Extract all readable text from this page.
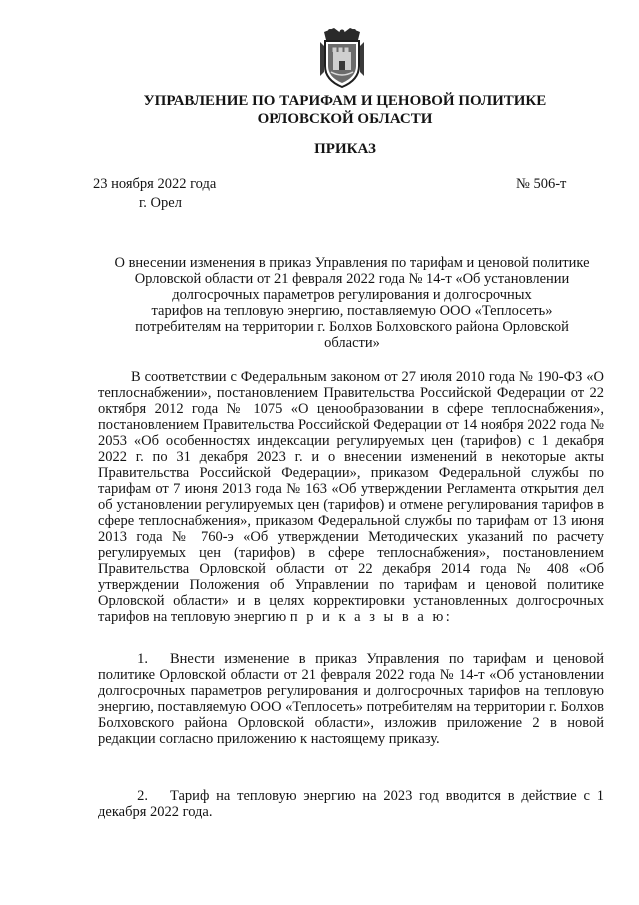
УПРАВЛЕНИЕ ПО ТАРИФАМ И ЦЕНОВОЙ ПОЛИТИКЕ
ОРЛОВСКОЙ ОБЛАСТИ
ПРИКАЗ
23 ноября 2022 года
г. Орел
№ 506-т
О внесении изменения в приказ Управления по тарифам и ценовой политике
Орловской области от 21 февраля 2022 года № 14-т «Об установлении
долгосрочных параметров регулирования и долгосрочных
тарифов на тепловую энергию, поставляемую ООО «Теплосеть»
потребителям на территории г. Болхов Болховского района Орловской
области»
В соответствии с Федеральным законом от 27 июля 2010 года № 190-ФЗ «О теплоснабжении», постановлением Правительства Российской Федерации от 22 октября 2012 года № 1075 «О ценообразовании в сфере теплоснабжения», постановлением Правительства Российской Федерации от 14 ноября 2022 года № 2053 «Об особенностях индексации регулируемых цен (тарифов) с 1 декабря 2022 г. по 31 декабря 2023 г. и о внесении изменений в некоторые акты Правительства Российской Федерации», приказом Федеральной службы по тарифам от 7 июня 2013 года № 163 «Об утверждении Регламента открытия дел об установлении регулируемых цен (тарифов) и отмене регулирования тарифов в сфере теплоснабжения», приказом Федеральной службы по тарифам от 13 июня 2013 года № 760-э «Об утверждении Методических указаний по расчету регулируемых цен (тарифов) в сфере теплоснабжения», постановлением Правительства Орловской области от 22 декабря 2014 года № 408 «Об утверждении Положения об Управлении по тарифам и ценовой политике Орловской области» и в целях корректировки установленных долгосрочных тарифов на тепловую энергию п р и к а з ы в а ю:
1. Внести изменение в приказ Управления по тарифам и ценовой политике Орловской области от 21 февраля 2022 года № 14-т «Об установлении долгосрочных параметров регулирования и долгосрочных тарифов на тепловую энергию, поставляемую ООО «Теплосеть» потребителям на территории г. Болхов Болховского района Орловской области», изложив приложение 2 в новой редакции согласно приложению к настоящему приказу.
2. Тариф на тепловую энергию на 2023 год вводится в действие с 1 декабря 2022 года.
